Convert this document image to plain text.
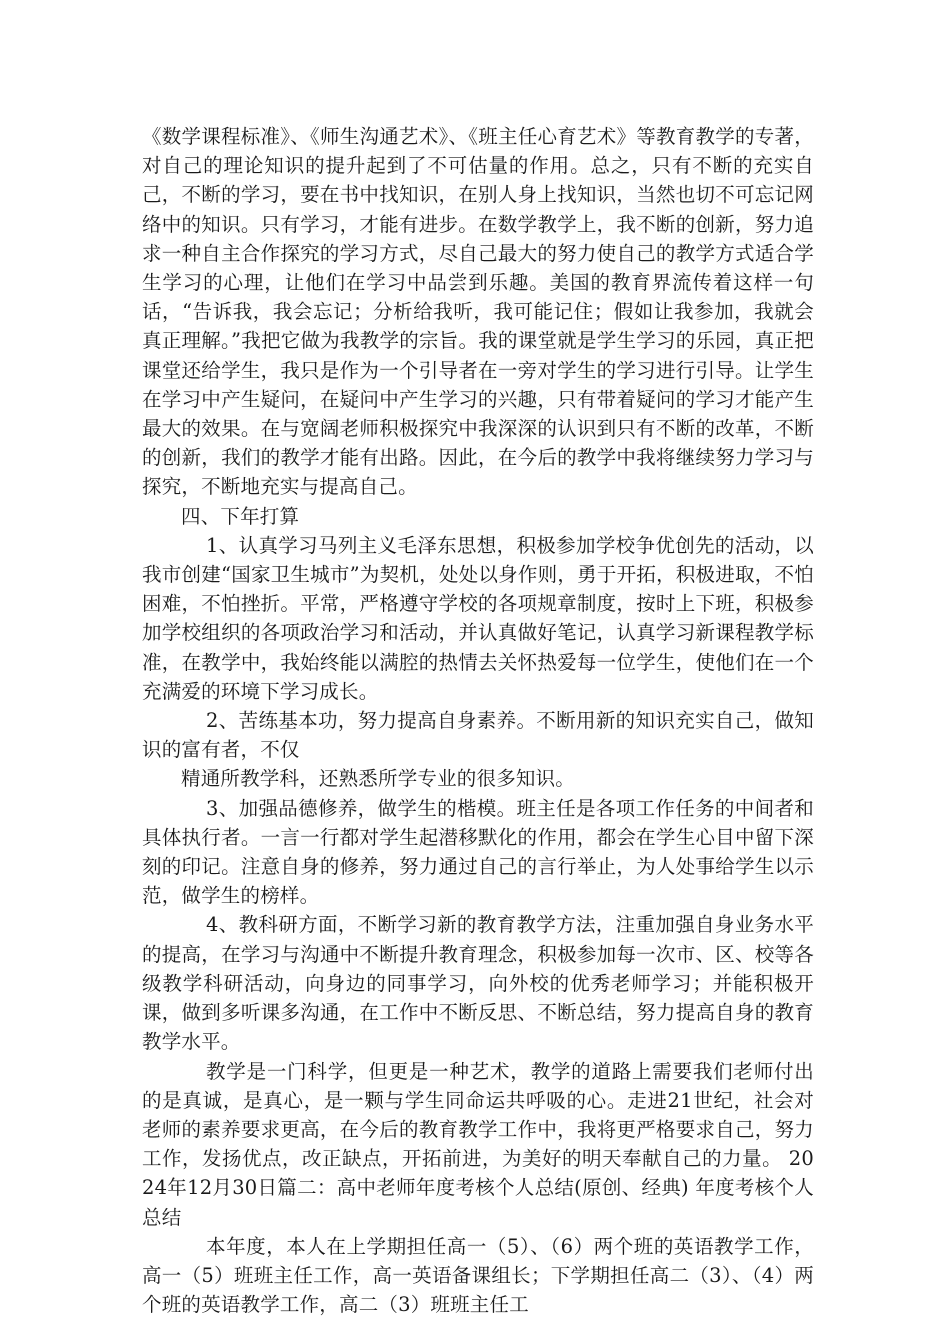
《数学课程标准》、《师生沟通艺术》、《班主任心育艺术》等教育教学的专著，对自己的理论知识的提升起到了不可估量的作用。总之，只有不断的充实自己，不断的学习，要在书中找知识，在别人身上找知识，当然也切不可忘记网络中的知识。只有学习，才能有进步。在数学教学上，我不断的创新，努力追求一种自主合作探究的学习方式，尽自己最大的努力使自己的教学方式适合学生学习的心理，让他们在学习中品尝到乐趣。美国的教育界流传着这样一句话，“告诉我，我会忘记；分析给我听，我可能记住；假如让我参加，我就会真正理解。”我把它做为我教学的宗旨。我的课堂就是学生学习的乐园，真正把课堂还给学生，我只是作为一个引导者在一旁对学生的学习进行引导。让学生在学习中产生疑问，在疑问中产生学习的兴趣，只有带着疑问的学习才能产生最大的效果。在与宽阔老师积极探究中我深深的认识到只有不断的改革，不断的创新，我们的教学才能有出路。因此，在今后的教学中我将继续努力学习与探究，不断地充实与提高自己。

四、下年打算

1、认真学习马列主义毛泽东思想，积极参加学校争优创先的活动，以我市创建“国家卫生城市”为契机，处处以身作则，勇于开拓，积极进取，不怕困难，不怕挫折。平常，严格遵守学校的各项规章制度，按时上下班，积极参加学校组织的各项政治学习和活动，并认真做好笔记，认真学习新课程教学标准，在教学中，我始终能以满腔的热情去关怀热爱每一位学生，使他们在一个充满爱的环境下学习成长。

2、苦练基本功，努力提高自身素养。不断用新的知识充实自己，做知识的富有者，不仅

精通所教学科，还熟悉所学专业的很多知识。

3、加强品德修养，做学生的楷模。班主任是各项工作任务的中间者和具体执行者。一言一行都对学生起潜移默化的作用，都会在学生心目中留下深刻的印记。注意自身的修养，努力通过自己的言行举止，为人处事给学生以示范，做学生的榜样。

4、教科研方面，不断学习新的教育教学方法，注重加强自身业务水平的提高，在学习与沟通中不断提升教育理念，积极参加每一次市、区、校等各级教学科研活动，向身边的同事学习，向外校的优秀老师学习；并能积极开课，做到多听课多沟通，在工作中不断反思、不断总结，努力提高自身的教育教学水平。

教学是一门科学，但更是一种艺术，教学的道路上需要我们老师付出的是真诚，是真心，是一颗与学生同命运共呼吸的心。走进21世纪，社会对老师的素养要求更高，在今后的教育教学工作中，我将更严格要求自己，努力工作，发扬优点，改正缺点，开拓前进，为美好的明天奉献自己的力量。 2024年12月30日篇二：高中老师年度考核个人总结(原创、经典) 年度考核个人总结

本年度，本人在上学期担任高一（5）、（6）两个班的英语教学工作，高一（5）班班主任工作，高一英语备课组长；下学期担任高二（3）、（4）两个班的英语教学工作，高二（3）班班主任工
